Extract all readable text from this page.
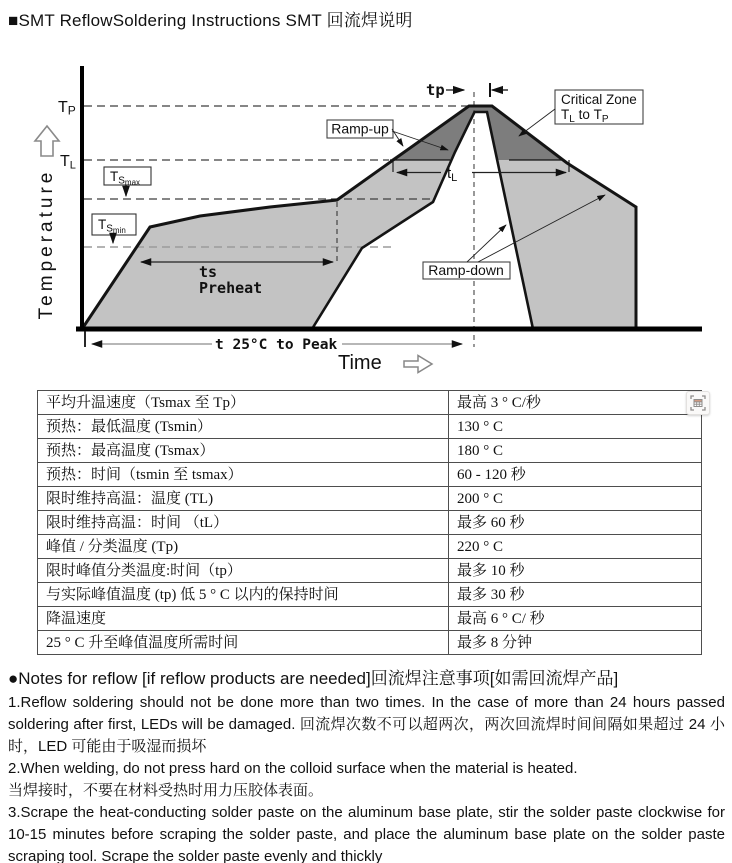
■SMT ReflowSoldering Instructions SMT 回流焊说明
ts
Preheat
$t_L$
tp
t 25°C to Peak
TP
TL
Temperature
Time
TSmax
TSmin
Ramp-up
Ramp-down
Critical Zone
$T_L$ to $T_P$
平均升温速度（Tsmax 至 Tp）	最高 3 ° C/秒
预热：最低温度 (Tsmin）	130 ° C
预热：最高温度 (Tsmax）	180 ° C
预热：时间（tsmin 至 tsmax）	60 - 120 秒
限时维持高温：温度 (TL)	200 ° C
限时维持高温：时间 （tL）	最多 60 秒
峰值 / 分类温度 (Tp)	220 ° C
限时峰值分类温度:时间（tp）	最多 10 秒
与实际峰值温度 (tp) 低 5 ° C 以内的保持时间	最多 30 秒
降温速度	最高 6 ° C/ 秒
25 ° C 升至峰值温度所需时间	最多 8 分钟
●Notes for reflow [if reflow products are needed]回流焊注意事项[如需回流焊产品]

1.Reflow soldering should not be done more than two times. In the case of more than 24 hours passed soldering after first, LEDs will be damaged. 回流焊次数不可以超两次，两次回流焊时间间隔如果超过 24 小时，LED 可能由于吸湿而损坏

2.When welding, do not press hard on the colloid surface when the material is heated.

当焊接时，不要在材料受热时用力压胶体表面。

3.Scrape the heat-conducting solder paste on the aluminum base plate, stir the solder paste clockwise for 10-15 minutes before scraping the solder paste, and place the aluminum base plate on the solder paste scraping tool. Scrape the solder paste evenly and thickly
